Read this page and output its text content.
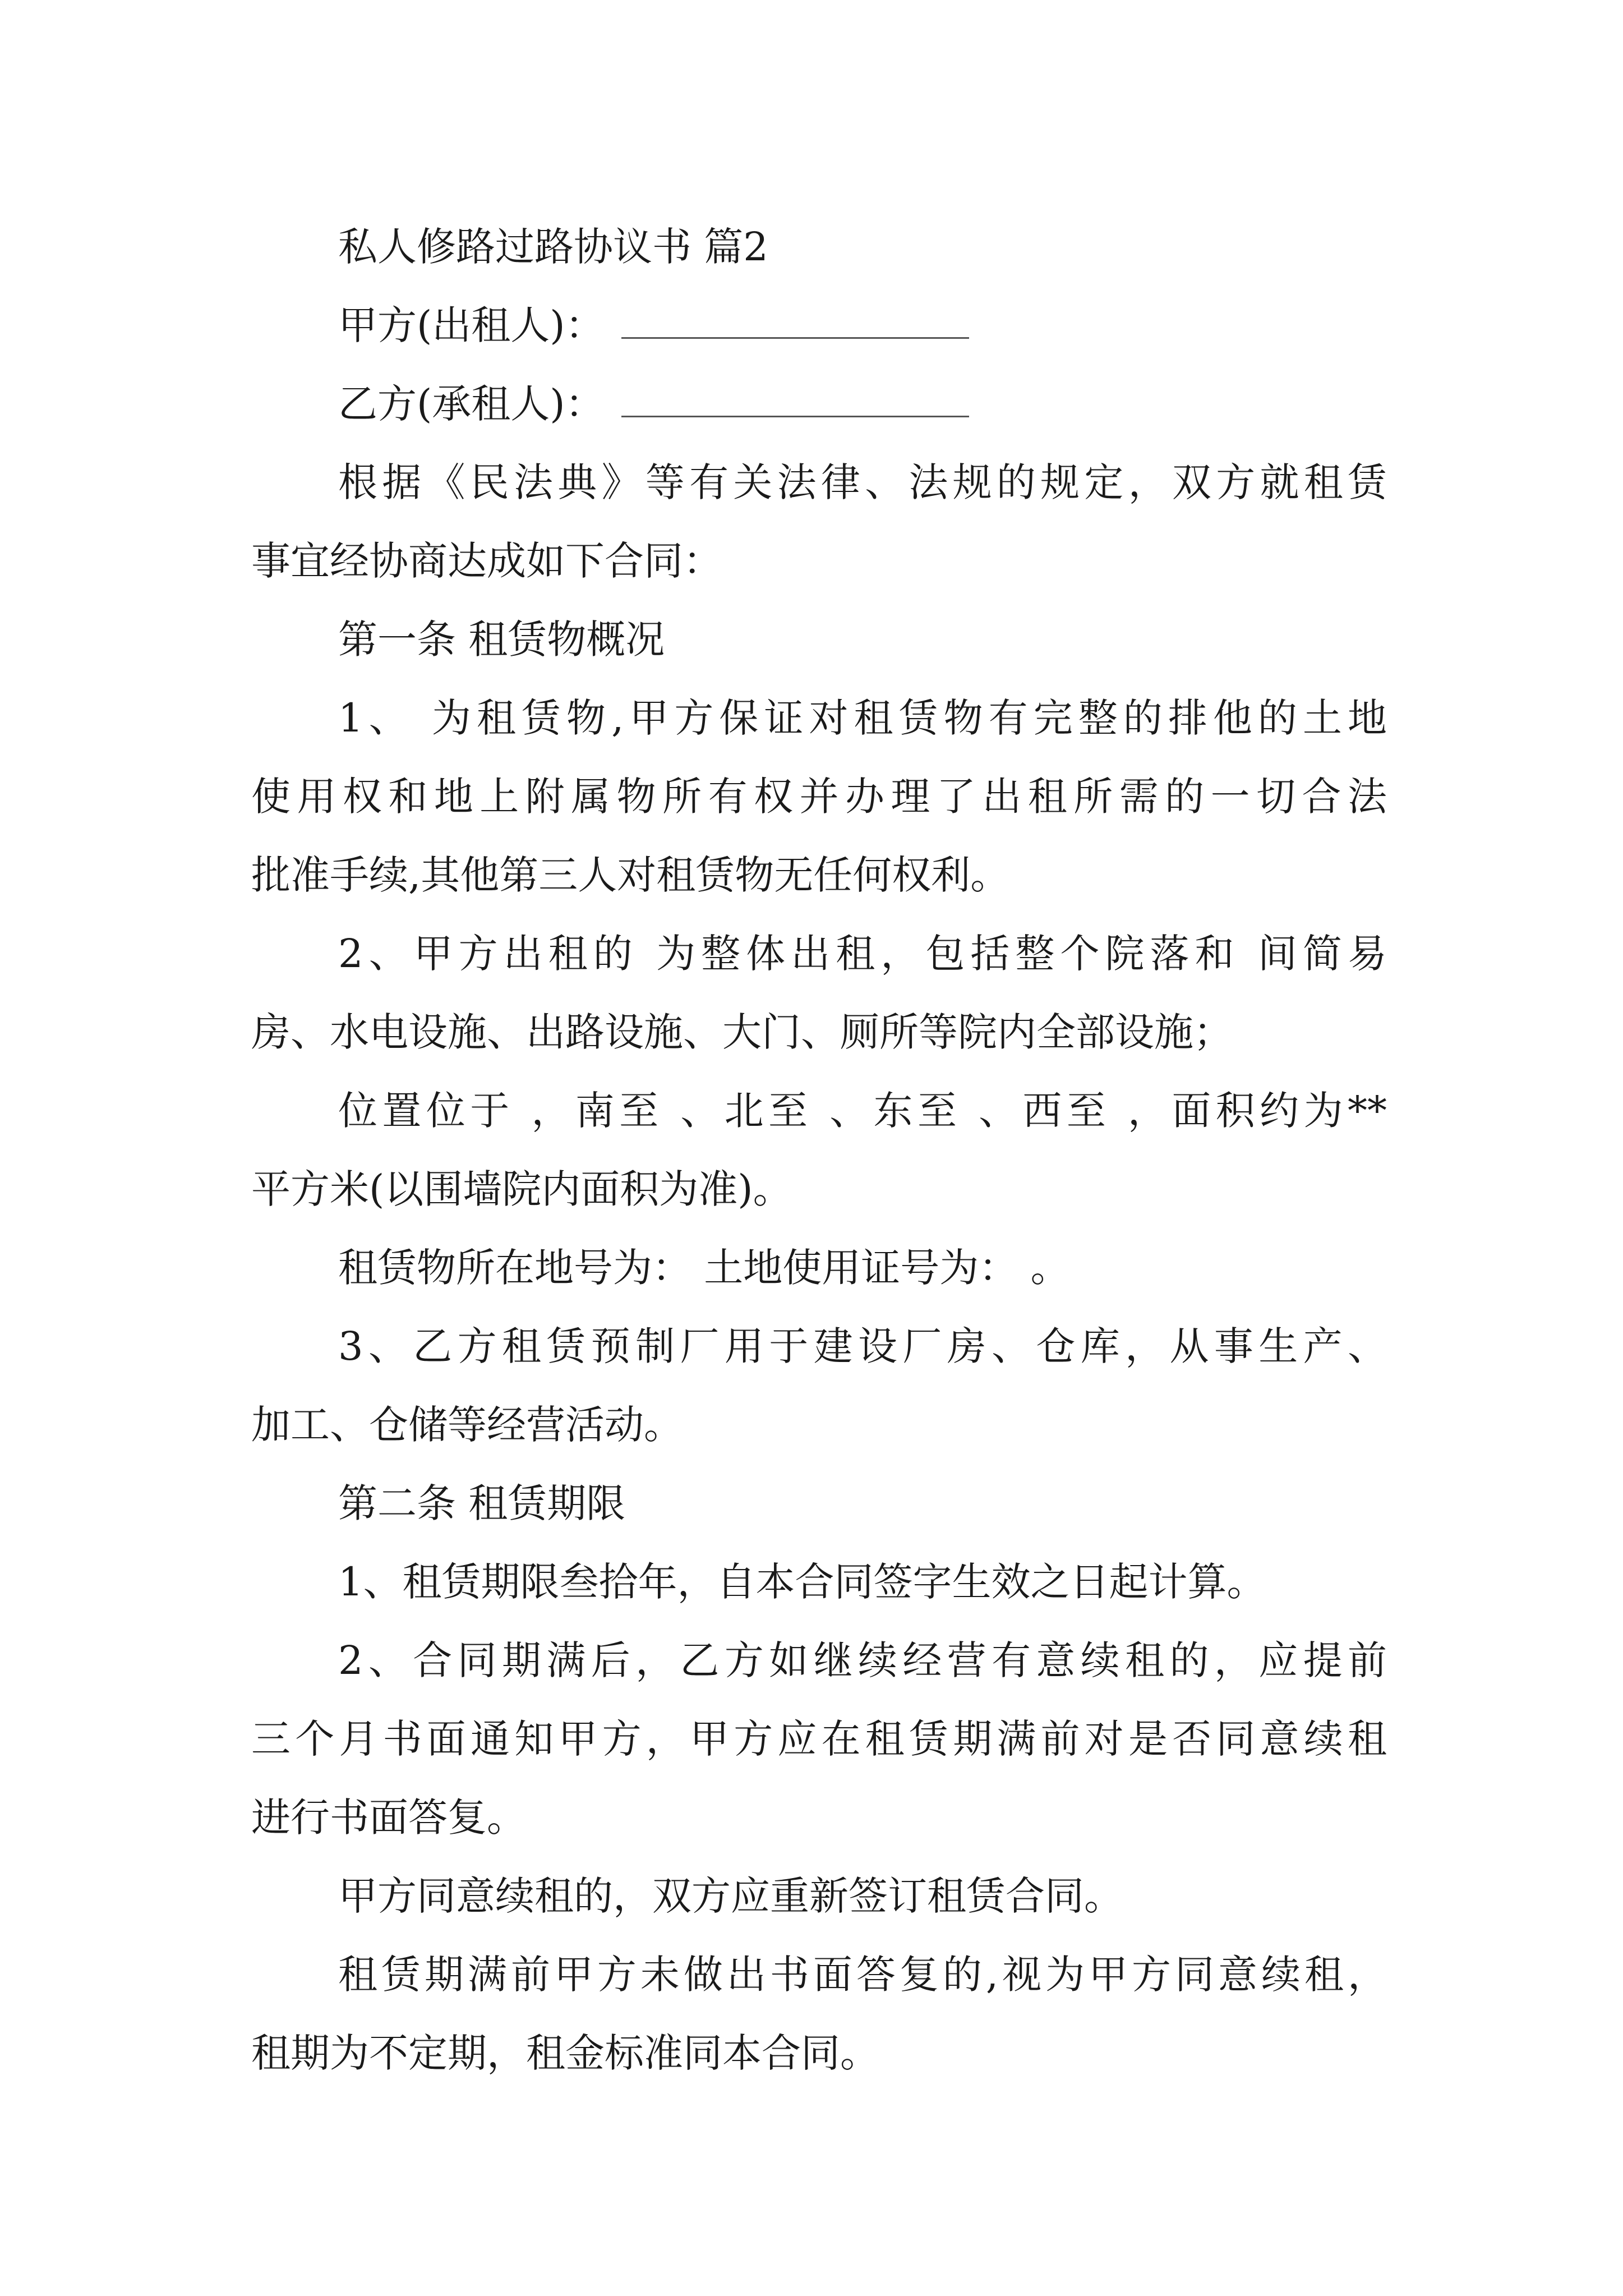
私人修路过路协议书 篇2
甲方(出租人)：
乙方(承租人)：
根据《民法典》等有关法律、法规的规定，双方就租赁
事宜经协商达成如下合同：
第一条 租赁物概况
1、 为租赁物,甲方保证对租赁物有完整的排他的土地
使用权和地上附属物所有权并办理了出租所需的一切合法
批准手续,其他第三人对租赁物无任何权利。
2、甲方出租的 为整体出租，包括整个院落和 间简易
房、水电设施、出路设施、大门、厕所等院内全部设施；
位置位于 ，南至 、北至 、东至 、西至 ，面积约为**
平方米(以围墙院内面积为准)。
租赁物所在地号为： 土地使用证号为： 。
3、乙方租赁预制厂用于建设厂房、仓库，从事生产、
加工、仓储等经营活动。
第二条 租赁期限
1、租赁期限叁拾年，自本合同签字生效之日起计算。
2、合同期满后，乙方如继续经营有意续租的，应提前
三个月书面通知甲方，甲方应在租赁期满前对是否同意续租
进行书面答复。
甲方同意续租的，双方应重新签订租赁合同。
租赁期满前甲方未做出书面答复的,视为甲方同意续租，
租期为不定期，租金标准同本合同。
